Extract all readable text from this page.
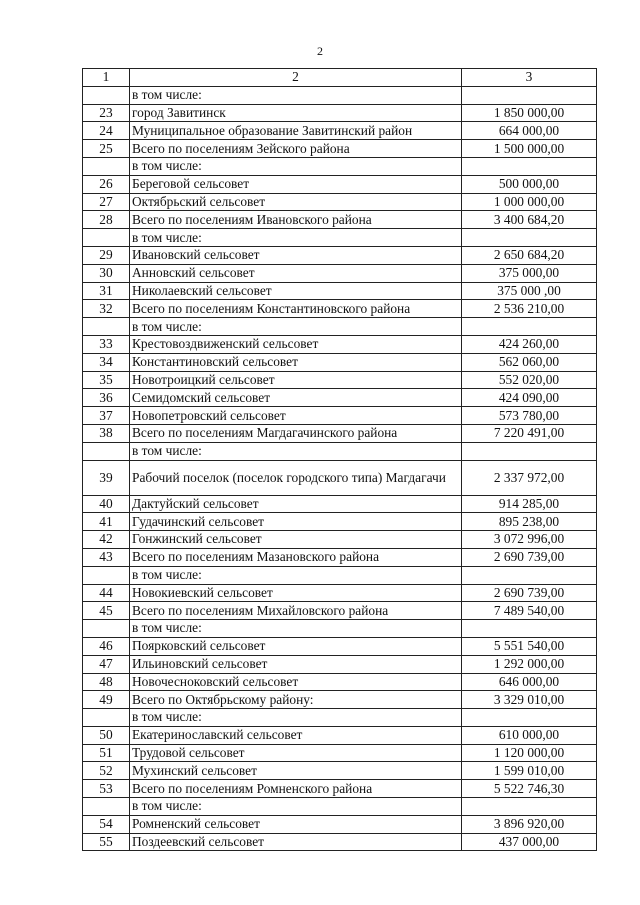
2
1	2	3
	в том числе:	
23	город Завитинск	1 850 000,00
24	Муниципальное образование Завитинский район	664 000,00
25	Всего по поселениям Зейского района	1 500 000,00
	в том числе:	
26	Береговой сельсовет	500 000,00
27	Октябрьский сельсовет	1 000 000,00
28	Всего по поселениям Ивановского района	3 400 684,20
	в том числе:	
29	Ивановский сельсовет	2 650 684,20
30	Анновский сельсовет	375 000,00
31	Николаевский сельсовет	375 000 ,00
32	Всего по поселениям Константиновского района	2 536 210,00
	в том числе:	
33	Крестовоздвиженский сельсовет	424 260,00
34	Константиновский сельсовет	562 060,00
35	Новотроицкий сельсовет	552 020,00
36	Семидомский сельсовет	424 090,00
37	Новопетровский сельсовет	573 780,00
38	Всего по поселениям Магдагачинского района	7 220 491,00
	в том числе:	
39	Рабочий поселок (поселок городского типа) Магдагачи	2 337 972,00
40	Дактуйский сельсовет	914 285,00
41	Гудачинский сельсовет	895 238,00
42	Гонжинский сельсовет	3 072 996,00
43	Всего по поселениям Мазановского района	2 690 739,00
	в том числе:	
44	Новокиевский сельсовет	2 690 739,00
45	Всего по поселениям Михайловского района	7 489 540,00
	в том числе:	
46	Поярковский сельсовет	5 551 540,00
47	Ильиновский сельсовет	1 292 000,00
48	Новочесноковский сельсовет	646 000,00
49	Всего по Октябрьскому району:	3 329 010,00
	в том числе:	
50	Екатеринославский сельсовет	610 000,00
51	Трудовой сельсовет	1 120 000,00
52	Мухинский сельсовет	1 599 010,00
53	Всего по поселениям Ромненского района	5 522 746,30
	в том числе:	
54	Ромненский сельсовет	3 896 920,00
55	Поздеевский сельсовет	437 000,00
